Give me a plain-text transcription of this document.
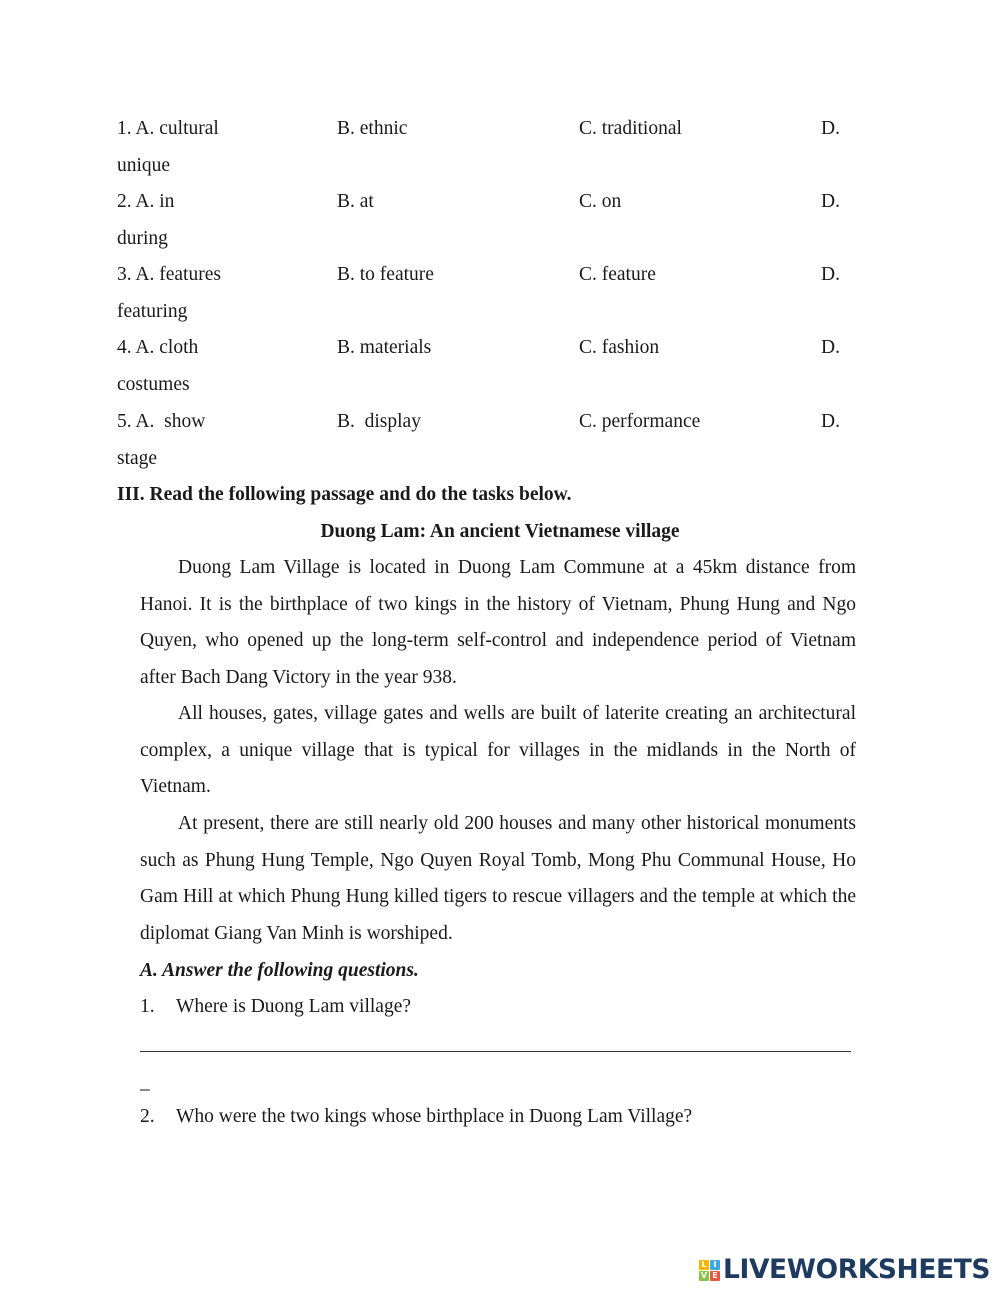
1. A. cultural	B. ethnic	C. traditional	D.
unique
2. A. in	B. at	C. on	D.
during
3. A. features	B. to feature	C. feature	D.
featuring
4. A. cloth	B. materials	C. fashion	D.
costumes
5. A.  show	B.  display	C. performance	D.
stage
III. Read the following passage and do the tasks below.
Duong Lam: An ancient Vietnamese village
Duong Lam Village is located in Duong Lam Commune at a 45km distance from Hanoi. It is the birthplace of two kings in the history of Vietnam, Phung Hung and Ngo Quyen, who opened up the long-term self-control and independence period of Vietnam after Bach Dang Victory in the year 938.
All houses, gates, village gates and wells are built of laterite creating an architectural complex, a unique village that is typical for villages in the midlands in the North of Vietnam.
At present, there are still nearly old 200 houses and many other historical monuments such as Phung Hung Temple, Ngo Quyen Royal Tomb, Mong Phu Communal House, Ho Gam Hill at which Phung Hung killed tigers to rescue villagers and the temple at which the diplomat Giang Van Minh is worshiped.
A. Answer the following questions.
1. Where is Duong Lam village?
_
2. Who were the two kings whose birthplace in Duong Lam Village?
L I
V E LIVEWORKSHEETS
